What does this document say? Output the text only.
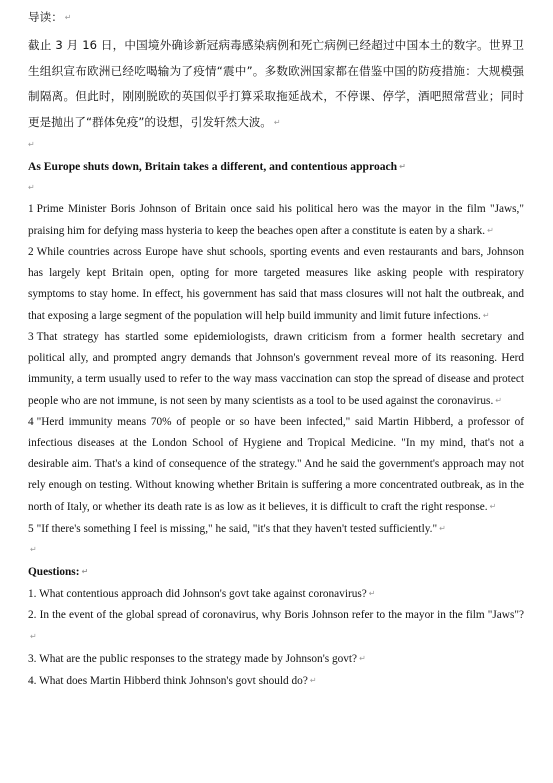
导读： ↵

截止 3 月 16 日，中国境外确诊新冠病毒感染病例和死亡病例已经超过中国本土的数字。世界卫生组织宣布欧洲已经吃喝输为了疫情“震中”。多数欧洲国家都在借鉴中国的防疫措施：大规模强制隔离。但此时，刚刚脱欧的英国似乎打算采取拖延战术，不停课、停学，酒吧照常营业；同时更是抛出了“群体免疫”的设想，引发轩然大波。 ↵

↵

As Europe shuts down, Britain takes a different, and contentious approach ↵

↵

1 Prime Minister Boris Johnson of Britain once said his political hero was the mayor in the film "Jaws," praising him for defying mass hysteria to keep the beaches open after a constitute is eaten by a shark. ↵

2 While countries across Europe have shut schools, sporting events and even restaurants and bars, Johnson has largely kept Britain open, opting for more targeted measures like asking people with respiratory symptoms to stay home. In effect, his government has said that mass closures will not halt the outbreak, and that exposing a large segment of the population will help build immunity and limit future infections. ↵

3 That strategy has startled some epidemiologists, drawn criticism from a former health secretary and political ally, and prompted angry demands that Johnson's government reveal more of its reasoning. Herd immunity, a term usually used to refer to the way mass vaccination can stop the spread of disease and protect people who are not immune, is not seen by many scientists as a tool to be used against the coronavirus. ↵

4 "Herd immunity means 70% of people or so have been infected," said Martin Hibberd, a professor of infectious diseases at the London School of Hygiene and Tropical Medicine. "In my mind, that's not a desirable aim. That's a kind of consequence of the strategy." And he said the government's approach may not rely enough on testing. Without knowing whether Britain is suffering a more concentrated outbreak, as in the north of Italy, or whether its death rate is as low as it believes, it is difficult to craft the right response. ↵

5 "If there's something I feel is missing," he said, "it's that they haven't tested sufficiently." ↵

↵

Questions: ↵

1. What contentious approach did Johnson's govt take against coronavirus? ↵

2. In the event of the global spread of coronavirus, why Boris Johnson refer to the mayor in the film "Jaws"?↵

3. What are the public responses to the strategy made by Johnson's govt? ↵

4. What does Martin Hibberd think Johnson's govt should do? ↵
